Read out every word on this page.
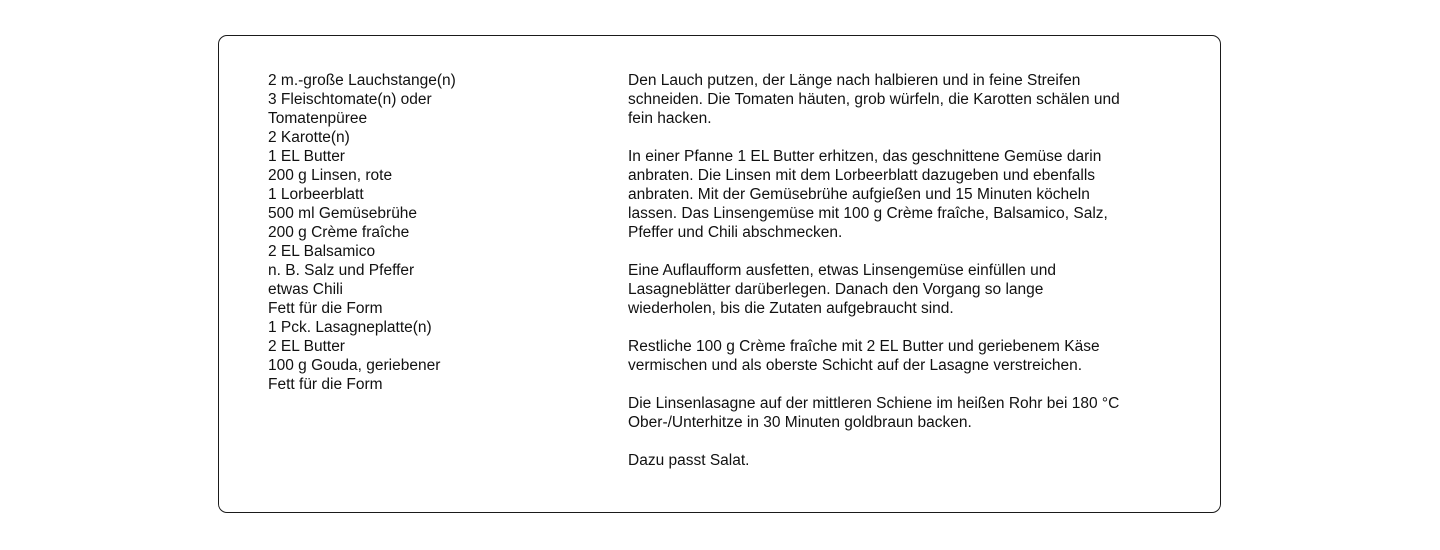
2 m.-große Lauchstange(n)
3 Fleischtomate(n) oder
Tomatenpüree
2 Karotte(n)
1 EL Butter
200 g Linsen, rote
1 Lorbeerblatt
500 ml Gemüsebrühe
200 g Crème fraîche
2 EL Balsamico
n. B. Salz und Pfeffer
etwas Chili
Fett für die Form
1 Pck. Lasagneplatte(n)
2 EL Butter
100 g Gouda, geriebener
Fett für die Form

Den Lauch putzen, der Länge nach halbieren und in feine Streifen
schneiden. Die Tomaten häuten, grob würfeln, die Karotten schälen und
fein hacken.

In einer Pfanne 1 EL Butter erhitzen, das geschnittene Gemüse darin
anbraten. Die Linsen mit dem Lorbeerblatt dazugeben und ebenfalls
anbraten. Mit der Gemüsebrühe aufgießen und 15 Minuten köcheln
lassen. Das Linsengemüse mit 100 g Crème fraîche, Balsamico, Salz,
Pfeffer und Chili abschmecken.

Eine Auflaufform ausfetten, etwas Linsengemüse einfüllen und
Lasagneblätter darüberlegen. Danach den Vorgang so lange
wiederholen, bis die Zutaten aufgebraucht sind.

Restliche 100 g Crème fraîche mit 2 EL Butter und geriebenem Käse
vermischen und als oberste Schicht auf der Lasagne verstreichen.

Die Linsenlasagne auf der mittleren Schiene im heißen Rohr bei 180 °C
Ober-/Unterhitze in 30 Minuten goldbraun backen.

Dazu passt Salat.
